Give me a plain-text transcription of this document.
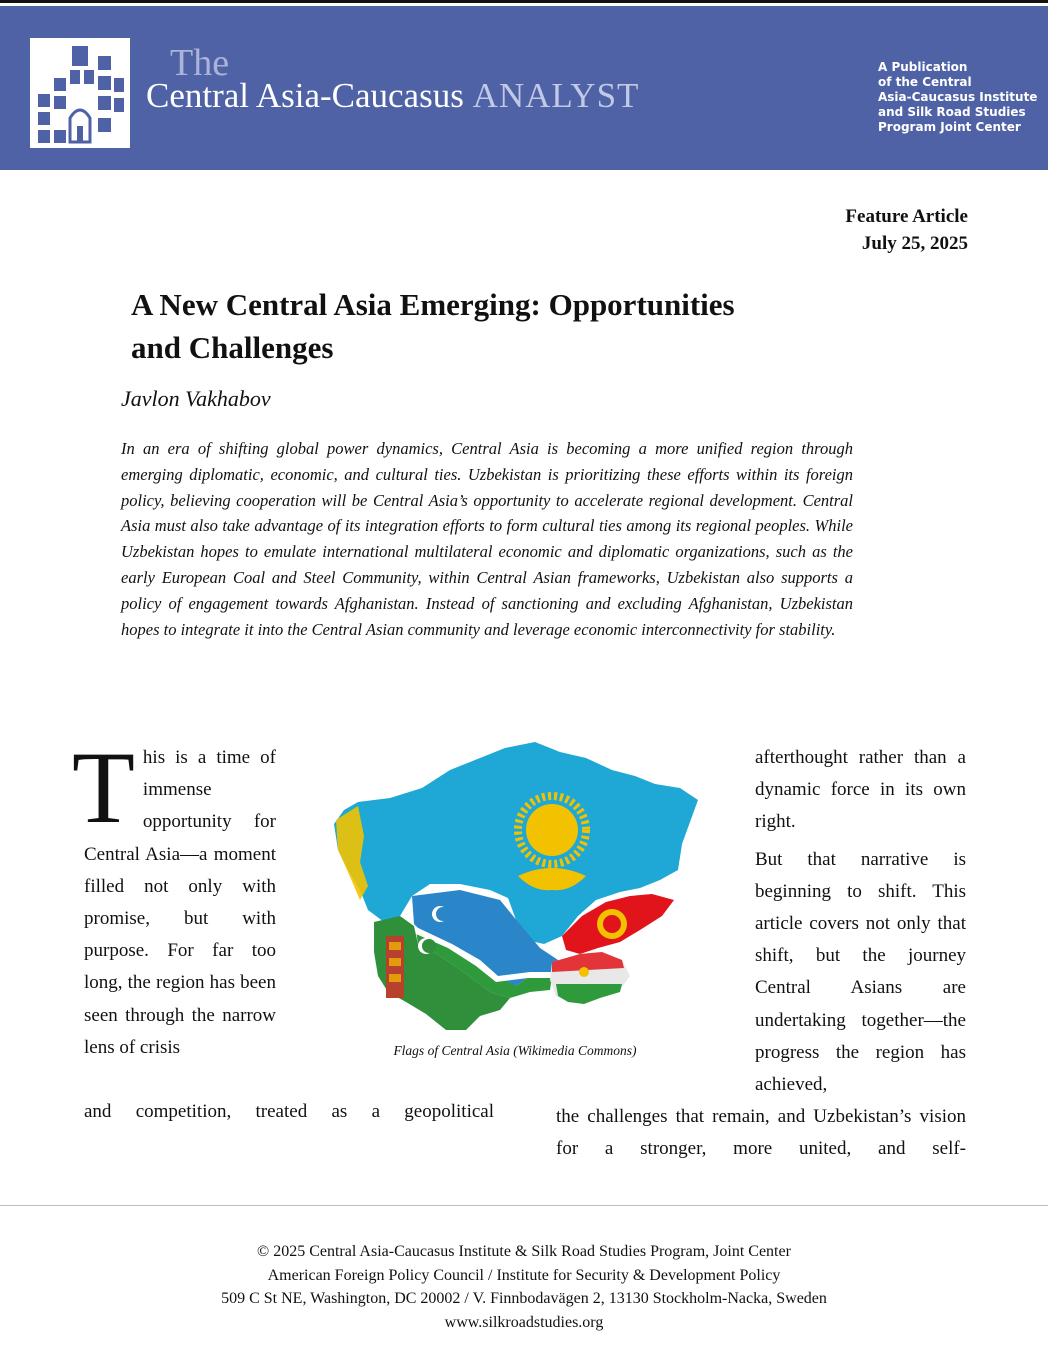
The
Central Asia-Caucasus ANALYST
A Publication
of the Central
Asia-Caucasus Institute
and Silk Road Studies
Program Joint Center
Feature Article
July 25, 2025
A New Central Asia Emerging: Opportunities
and Challenges
Javlon Vakhabov

In an era of shifting global power dynamics, Central Asia is becoming a more unified region through emerging diplomatic, economic, and cultural ties. Uzbekistan is prioritizing these efforts within its foreign policy, believing cooperation will be Central Asia’s opportunity to accelerate regional development. Central Asia must also take advantage of its integration efforts to form cultural ties among its regional peoples. While Uzbekistan hopes to emulate international multilateral economic and diplomatic organizations, such as the early European Coal and Steel Community, within Central Asian frameworks, Uzbekistan also supports a policy of engagement towards Afghanistan. Instead of sanctioning and excluding Afghanistan, Uzbekistan hopes to integrate it into the Central Asian community and leverage economic interconnectivity for stability.

This is a time of immense opportunity for Central Asia—a moment filled not only with promise, but with purpose. For far too long, the region has been seen through the narrow lens of crisis

and competition, treated as a geopolitical

Flags of Central Asia (Wikimedia Commons)

afterthought rather than a dynamic force in its own right.

But that narrative is beginning to shift. This article covers not only that shift, but the journey Central Asians are undertaking together—the progress the region has achieved,

the challenges that remain, and Uzbekistan’s vision for a stronger, more united, and self-

© 2025 Central Asia-Caucasus Institute & Silk Road Studies Program, Joint Center
American Foreign Policy Council / Institute for Security & Development Policy
509 C St NE, Washington, DC 20002 / V. Finnbodavägen 2, 13130 Stockholm-Nacka, Sweden
www.silkroadstudies.org
